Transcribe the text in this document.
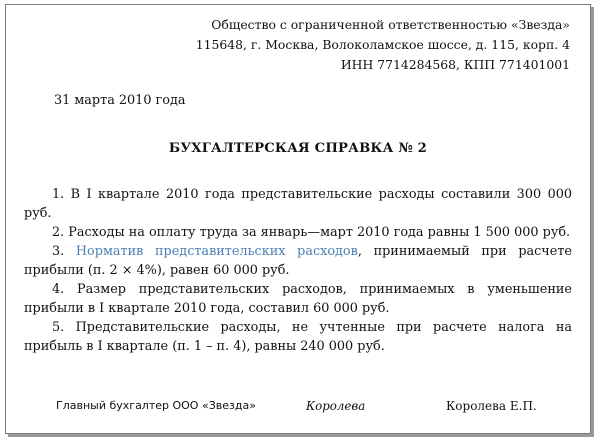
Общество с ограниченной ответственностью «Звезда»
115648, г. Москва, Волоколамское шоссе, д. 115, корп. 4
ИНН 7714284568, КПП 771401001
31 марта 2010 года
БУХГАЛТЕРСКАЯ СПРАВКА № 2

1. В I квартале 2010 года представительские расходы составили 300 000 руб.

2. Расходы на оплату труда за январь—март 2010 года равны 1 500 000 руб.

3. Норматив представительских расходов, принимаемый при расчете прибыли (п. 2 × 4%), равен 60 000 руб.

4. Размер представительских расходов, принимаемых в уменьшение прибыли в I квартале 2010 года, составил 60 000 руб.

5. Представительские расходы, не учтенные при расчете налога на прибыль в I квартале (п. 1 – п. 4), равны 240 000 руб.

Главный бухгалтер ООО «Звезда»	Королева	Королева Е.П.
